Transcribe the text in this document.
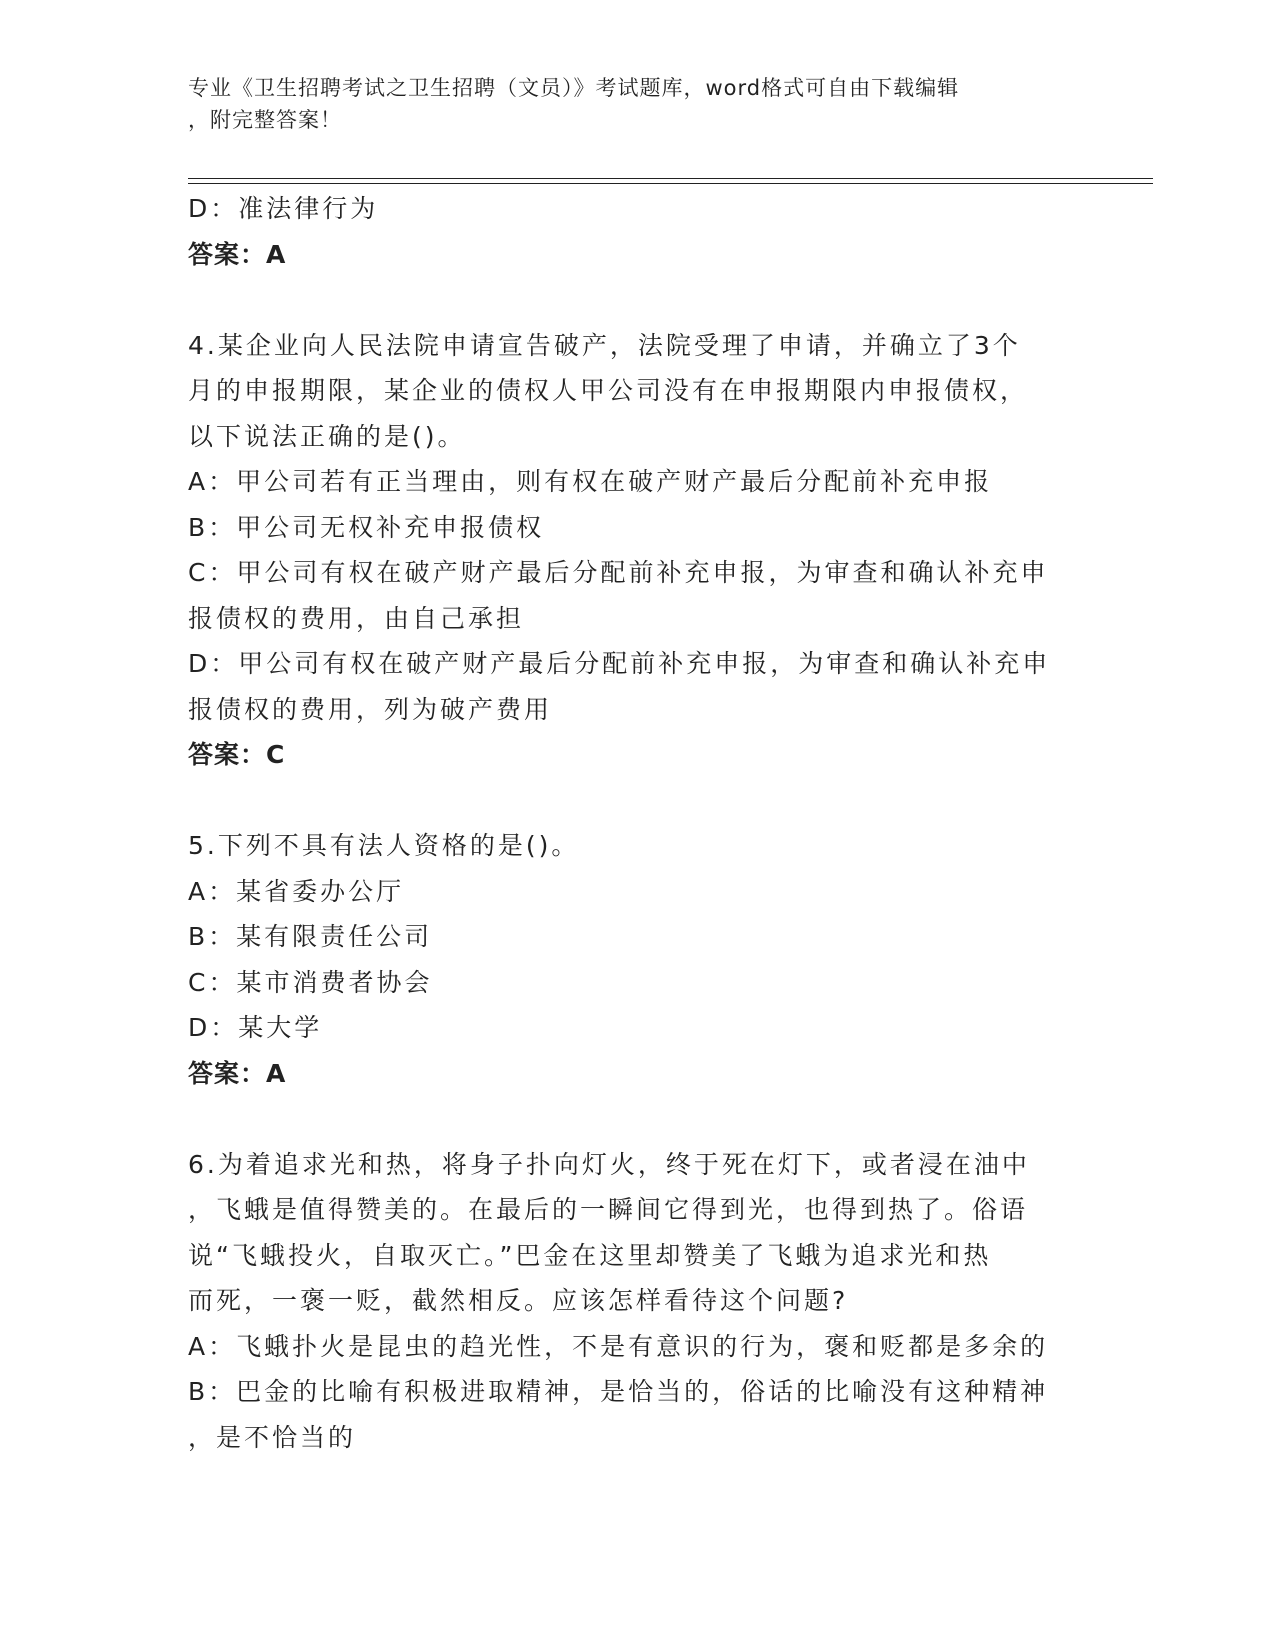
专业《卫生招聘考试之卫生招聘（文员）》考试题库，word格式可自由下载编辑
，附完整答案！
D：准法律行为
答案：A
4.某企业向人民法院申请宣告破产，法院受理了申请，并确立了3个
月的申报期限，某企业的债权人甲公司没有在申报期限内申报债权，
以下说法正确的是()。
A：甲公司若有正当理由，则有权在破产财产最后分配前补充申报
B：甲公司无权补充申报债权
C：甲公司有权在破产财产最后分配前补充申报，为审查和确认补充申
报债权的费用，由自己承担
D：甲公司有权在破产财产最后分配前补充申报，为审查和确认补充申
报债权的费用，列为破产费用
答案：C
5.下列不具有法人资格的是()。
A：某省委办公厅
B：某有限责任公司
C：某市消费者协会
D：某大学
答案：A
6.为着追求光和热，将身子扑向灯火，终于死在灯下，或者浸在油中
，飞蛾是值得赞美的。在最后的一瞬间它得到光，也得到热了。俗语
说“飞蛾投火，自取灭亡。”巴金在这里却赞美了飞蛾为追求光和热
而死，一褒一贬，截然相反。应该怎样看待这个问题?
A：飞蛾扑火是昆虫的趋光性，不是有意识的行为，褒和贬都是多余的
B：巴金的比喻有积极进取精神，是恰当的，俗话的比喻没有这种精神
，是不恰当的
